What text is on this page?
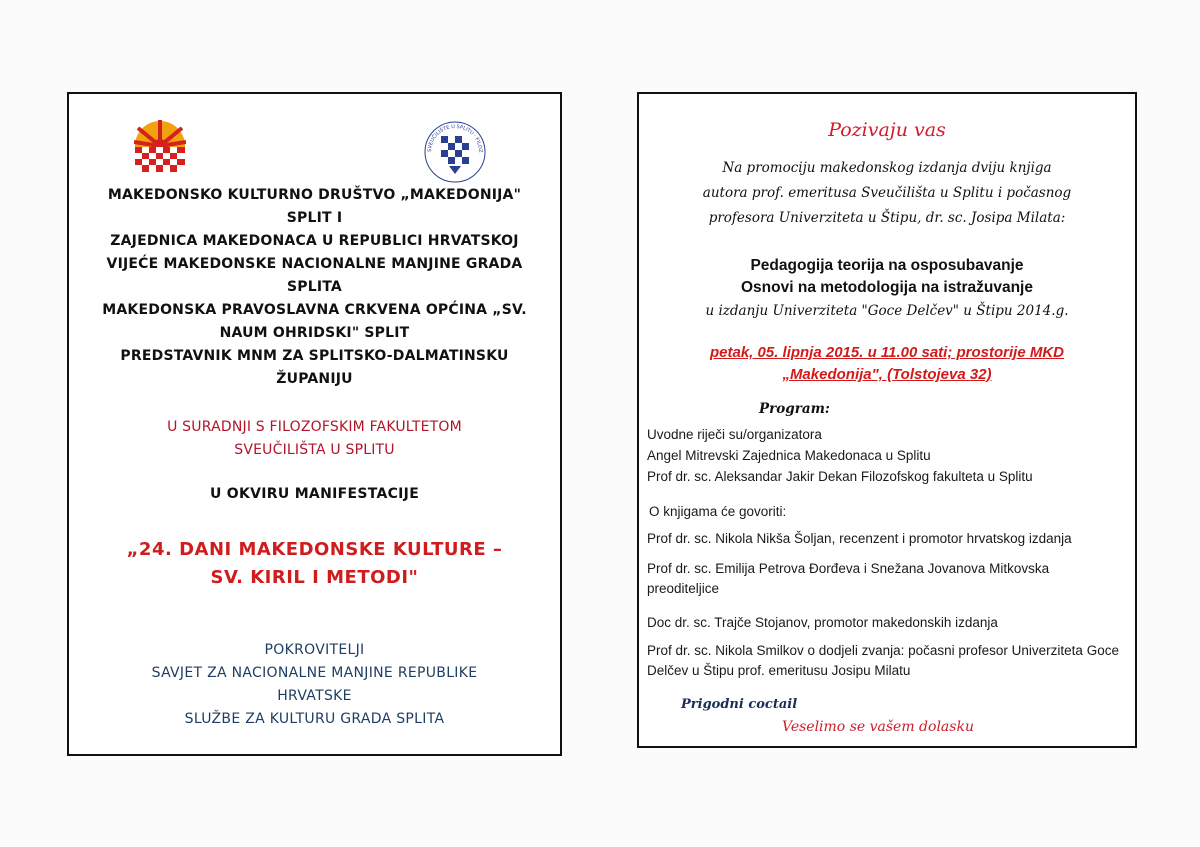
SVEUČILIŠTE U SPLITU · FILOZ
MAKEDONSKO KULTURNO DRUŠTVO „MAKEDONIJA"
SPLIT I
ZAJEDNICA MAKEDONACA U REPUBLICI HRVATSKOJ
VIJEĆE MAKEDONSKE NACIONALNE MANJINE GRADA
SPLITA
MAKEDONSKA PRAVOSLAVNA CRKVENA OPĆINA „SV.
NAUM OHRIDSKI" SPLIT
PREDSTAVNIK MNM ZA SPLITSKO-DALMATINSKU
ŽUPANIJU
U SURADNJI S FILOZOFSKIM FAKULTETOM
SVEUČILIŠTA U SPLITU
U OKVIRU MANIFESTACIJE
„24. DANI MAKEDONSKE KULTURE –
SV. KIRIL I METODI"
POKROVITELJI
SAVJET ZA NACIONALNE MANJINE REPUBLIKE
HRVATSKE
SLUŽBE ZA KULTURU GRADA SPLITA
Pozivaju vas
Na promociju makedonskog izdanja dviju knjiga
autora prof. emeritusa Sveučilišta u Splitu i počasnog
profesora Univerziteta u Štipu, dr. sc. Josipa Milata:
Pedagogija teorija na osposubavanje
Osnovi na metodologija na istražuvanje
u izdanju Univerziteta "Goce Delčev" u Štipu 2014.g.
petak, 05. lipnja 2015. u 11.00 sati; prostorije MKD
„Makedonija", (Tolstojeva 32)
Program:
Uvodne riječi su/organizatora
Angel Mitrevski Zajednica Makedonaca u Splitu
Prof dr. sc. Aleksandar Jakir Dekan Filozofskog fakulteta u Splitu
O knjigama će govoriti:
Prof dr. sc. Nikola Nikša Šoljan, recenzent i promotor hrvatskog izdanja
Prof dr. sc. Emilija Petrova Đorđeva i Snežana Jovanova Mitkovska
preoditeljice
Doc dr. sc. Trajče Stojanov, promotor makedonskih izdanja
Prof dr. sc. Nikola Smilkov o dodjeli zvanja: počasni profesor Univerziteta Goce
Delčev u Štipu prof. emeritusu Josipu Milatu
Prigodni coctail
Veselimo se vašem dolasku
